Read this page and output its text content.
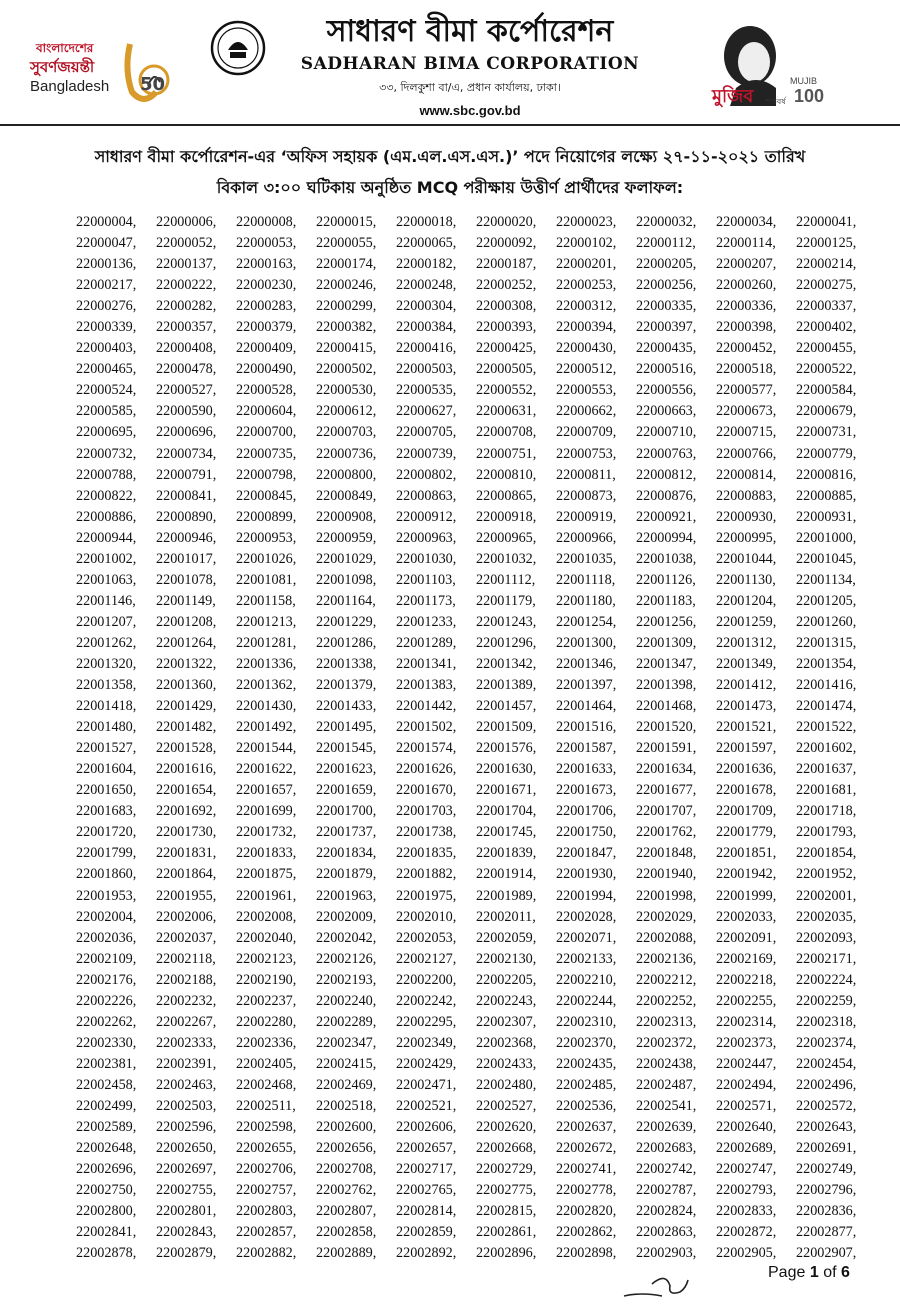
বাংলাদেশের
সুবর্ণজয়ন্তী
Bangladesh 50
সাধারণ বীমা কর্পোরেশন
SADHARAN BIMA CORPORATION
৩৩, দিলকুশা বা/এ, প্রধান কার্যালয়, ঢাকা।
www.sbc.gov.bd
মুজিব শতবর্ষ
MUJIB
100
সাধারণ বীমা কর্পোরেশন-এর ‘অফিস সহায়ক (এম.এল.এস.এস.)’ পদে নিয়োগের লক্ষ্যে ২৭-১১-২০২১ তারিখ
বিকাল ৩:০০ ঘটিকায় অনুষ্ঠিত MCQ পরীক্ষায় উত্তীর্ণ প্রার্থীদের ফলাফল:
22000004, 22000006, 22000008, 22000015, 22000018, 22000020, 22000023, 22000032, 22000034, 22000041,
22000047, 22000052, 22000053, 22000055, 22000065, 22000092, 22000102, 22000112, 22000114, 22000125,
22000136, 22000137, 22000163, 22000174, 22000182, 22000187, 22000201, 22000205, 22000207, 22000214,
22000217, 22000222, 22000230, 22000246, 22000248, 22000252, 22000253, 22000256, 22000260, 22000275,
22000276, 22000282, 22000283, 22000299, 22000304, 22000308, 22000312, 22000335, 22000336, 22000337,
22000339, 22000357, 22000379, 22000382, 22000384, 22000393, 22000394, 22000397, 22000398, 22000402,
22000403, 22000408, 22000409, 22000415, 22000416, 22000425, 22000430, 22000435, 22000452, 22000455,
22000465, 22000478, 22000490, 22000502, 22000503, 22000505, 22000512, 22000516, 22000518, 22000522,
22000524, 22000527, 22000528, 22000530, 22000535, 22000552, 22000553, 22000556, 22000577, 22000584,
22000585, 22000590, 22000604, 22000612, 22000627, 22000631, 22000662, 22000663, 22000673, 22000679,
22000695, 22000696, 22000700, 22000703, 22000705, 22000708, 22000709, 22000710, 22000715, 22000731,
22000732, 22000734, 22000735, 22000736, 22000739, 22000751, 22000753, 22000763, 22000766, 22000779,
22000788, 22000791, 22000798, 22000800, 22000802, 22000810, 22000811, 22000812, 22000814, 22000816,
22000822, 22000841, 22000845, 22000849, 22000863, 22000865, 22000873, 22000876, 22000883, 22000885,
22000886, 22000890, 22000899, 22000908, 22000912, 22000918, 22000919, 22000921, 22000930, 22000931,
22000944, 22000946, 22000953, 22000959, 22000963, 22000965, 22000966, 22000994, 22000995, 22001000,
22001002, 22001017, 22001026, 22001029, 22001030, 22001032, 22001035, 22001038, 22001044, 22001045,
22001063, 22001078, 22001081, 22001098, 22001103, 22001112, 22001118, 22001126, 22001130, 22001134,
22001146, 22001149, 22001158, 22001164, 22001173, 22001179, 22001180, 22001183, 22001204, 22001205,
22001207, 22001208, 22001213, 22001229, 22001233, 22001243, 22001254, 22001256, 22001259, 22001260,
22001262, 22001264, 22001281, 22001286, 22001289, 22001296, 22001300, 22001309, 22001312, 22001315,
22001320, 22001322, 22001336, 22001338, 22001341, 22001342, 22001346, 22001347, 22001349, 22001354,
22001358, 22001360, 22001362, 22001379, 22001383, 22001389, 22001397, 22001398, 22001412, 22001416,
22001418, 22001429, 22001430, 22001433, 22001442, 22001457, 22001464, 22001468, 22001473, 22001474,
22001480, 22001482, 22001492, 22001495, 22001502, 22001509, 22001516, 22001520, 22001521, 22001522,
22001527, 22001528, 22001544, 22001545, 22001574, 22001576, 22001587, 22001591, 22001597, 22001602,
22001604, 22001616, 22001622, 22001623, 22001626, 22001630, 22001633, 22001634, 22001636, 22001637,
22001650, 22001654, 22001657, 22001659, 22001670, 22001671, 22001673, 22001677, 22001678, 22001681,
22001683, 22001692, 22001699, 22001700, 22001703, 22001704, 22001706, 22001707, 22001709, 22001718,
22001720, 22001730, 22001732, 22001737, 22001738, 22001745, 22001750, 22001762, 22001779, 22001793,
22001799, 22001831, 22001833, 22001834, 22001835, 22001839, 22001847, 22001848, 22001851, 22001854,
22001860, 22001864, 22001875, 22001879, 22001882, 22001914, 22001930, 22001940, 22001942, 22001952,
22001953, 22001955, 22001961, 22001963, 22001975, 22001989, 22001994, 22001998, 22001999, 22002001,
22002004, 22002006, 22002008, 22002009, 22002010, 22002011, 22002028, 22002029, 22002033, 22002035,
22002036, 22002037, 22002040, 22002042, 22002053, 22002059, 22002071, 22002088, 22002091, 22002093,
22002109, 22002118, 22002123, 22002126, 22002127, 22002130, 22002133, 22002136, 22002169, 22002171,
22002176, 22002188, 22002190, 22002193, 22002200, 22002205, 22002210, 22002212, 22002218, 22002224,
22002226, 22002232, 22002237, 22002240, 22002242, 22002243, 22002244, 22002252, 22002255, 22002259,
22002262, 22002267, 22002280, 22002289, 22002295, 22002307, 22002310, 22002313, 22002314, 22002318,
22002330, 22002333, 22002336, 22002347, 22002349, 22002368, 22002370, 22002372, 22002373, 22002374,
22002381, 22002391, 22002405, 22002415, 22002429, 22002433, 22002435, 22002438, 22002447, 22002454,
22002458, 22002463, 22002468, 22002469, 22002471, 22002480, 22002485, 22002487, 22002494, 22002496,
22002499, 22002503, 22002511, 22002518, 22002521, 22002527, 22002536, 22002541, 22002571, 22002572,
22002589, 22002596, 22002598, 22002600, 22002606, 22002620, 22002637, 22002639, 22002640, 22002643,
22002648, 22002650, 22002655, 22002656, 22002657, 22002668, 22002672, 22002683, 22002689, 22002691,
22002696, 22002697, 22002706, 22002708, 22002717, 22002729, 22002741, 22002742, 22002747, 22002749,
22002750, 22002755, 22002757, 22002762, 22002765, 22002775, 22002778, 22002787, 22002793, 22002796,
22002800, 22002801, 22002803, 22002807, 22002814, 22002815, 22002820, 22002824, 22002833, 22002836,
22002841, 22002843, 22002857, 22002858, 22002859, 22002861, 22002862, 22002863, 22002872, 22002877,
22002878, 22002879, 22002882, 22002889, 22002892, 22002896, 22002898, 22002903, 22002905, 22002907,
Page 1 of 6
